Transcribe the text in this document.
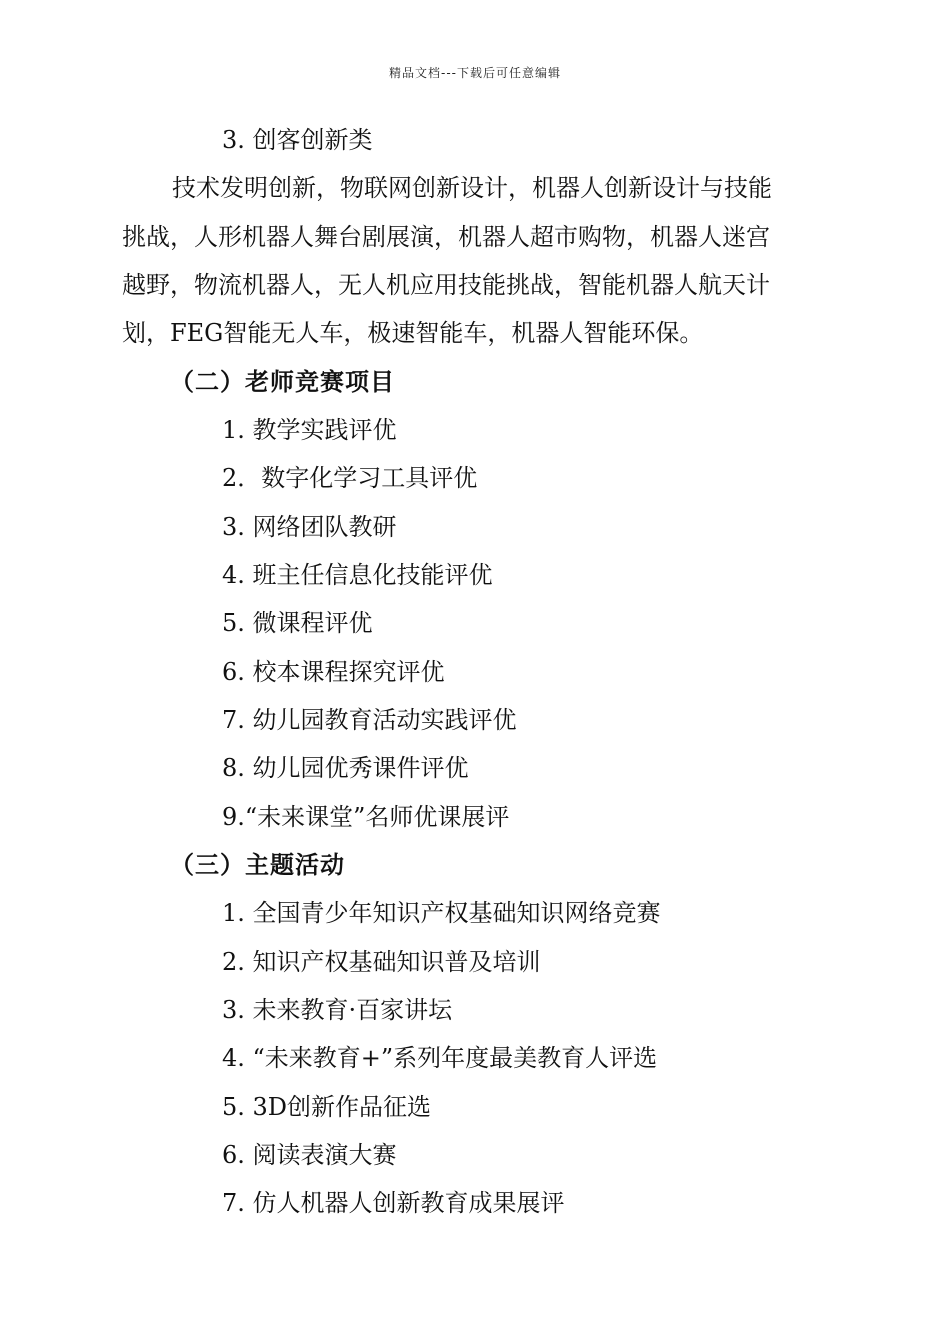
精品文档---下载后可任意编辑
3. 创客创新类
技术发明创新，物联网创新设计，机器人创新设计与技能
挑战，人形机器人舞台剧展演，机器人超市购物，机器人迷宫
越野，物流机器人，无人机应用技能挑战，智能机器人航天计
划，FEG智能无人车，极速智能车，机器人智能环保。
（二）老师竞赛项目
1. 教学实践评优
2．数字化学习工具评优
3. 网络团队教研
4. 班主任信息化技能评优
5. 微课程评优
6. 校本课程探究评优
7. 幼儿园教育活动实践评优
8. 幼儿园优秀课件评优
9.“未来课堂”名师优课展评
（三）主题活动
1. 全国青少年知识产权基础知识网络竞赛
2. 知识产权基础知识普及培训
3. 未来教育·百家讲坛
4. “未来教育+”系列年度最美教育人评选
5. 3D创新作品征选
6. 阅读表演大赛
7. 仿人机器人创新教育成果展评
